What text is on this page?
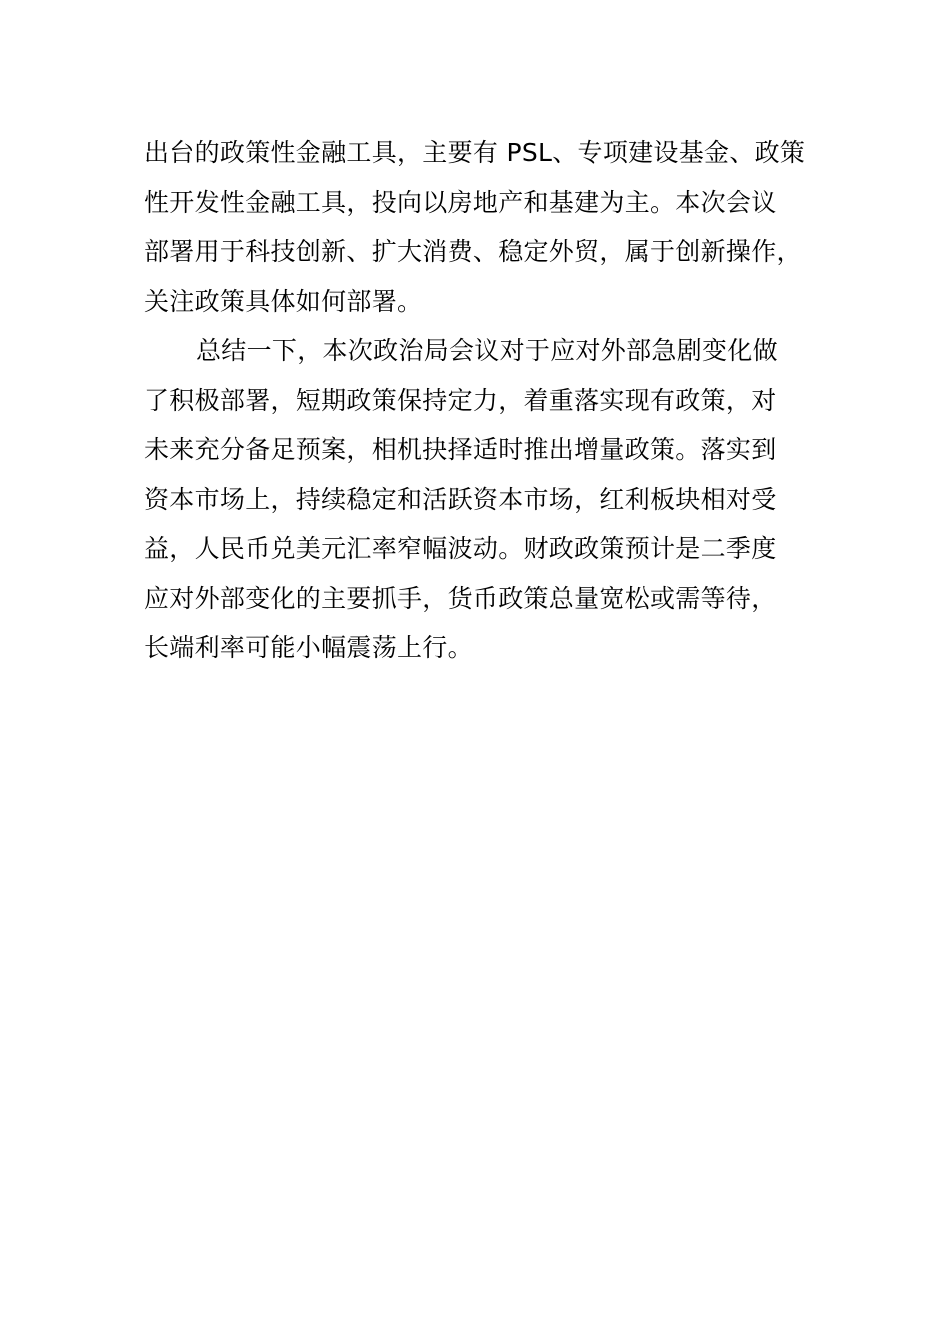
出台的政策性金融工具，主要有 PSL、专项建设基金、政策
性开发性金融工具，投向以房地产和基建为主。本次会议
部署用于科技创新、扩大消费、稳定外贸，属于创新操作，
关注政策具体如何部署。
总结一下，本次政治局会议对于应对外部急剧变化做
了积极部署，短期政策保持定力，着重落实现有政策，对
未来充分备足预案，相机抉择适时推出增量政策。落实到
资本市场上，持续稳定和活跃资本市场，红利板块相对受
益，人民币兑美元汇率窄幅波动。财政政策预计是二季度
应对外部变化的主要抓手，货币政策总量宽松或需等待，
长端利率可能小幅震荡上行。
